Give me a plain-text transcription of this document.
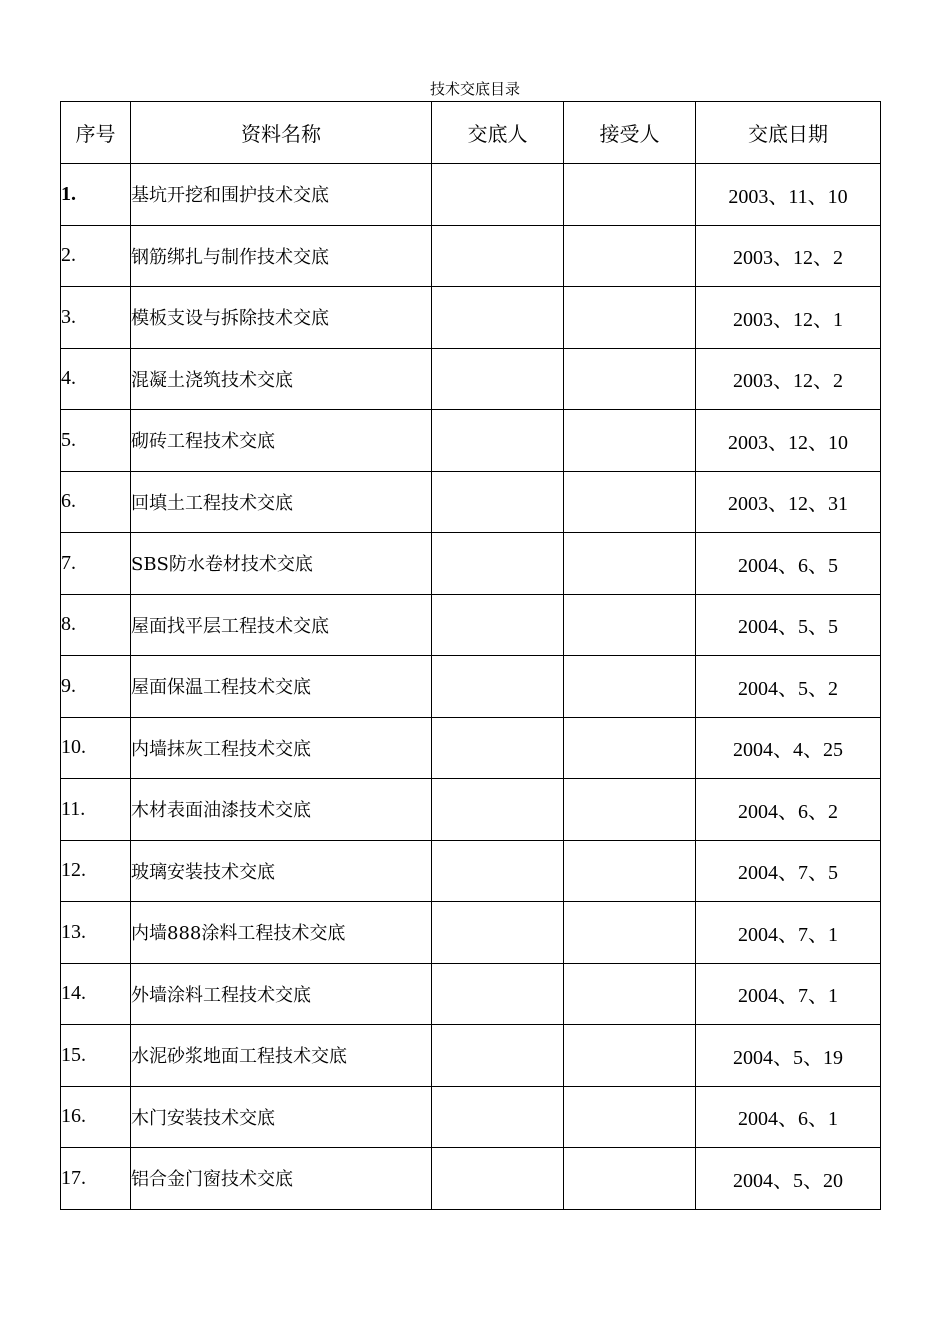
技术交底目录
序号	资料名称	交底人	接受人	交底日期
1.	基坑开挖和围护技术交底			2003、11、10
2.	钢筋绑扎与制作技术交底			2003、12、2
3.	模板支设与拆除技术交底			2003、12、1
4.	混凝土浇筑技术交底			2003、12、2
5.	砌砖工程技术交底			2003、12、10
6.	回填土工程技术交底			2003、12、31
7.	SBS防水卷材技术交底			2004、6、5
8.	屋面找平层工程技术交底			2004、5、5
9.	屋面保温工程技术交底			2004、5、2
10.	内墙抹灰工程技术交底			2004、4、25
11.	木材表面油漆技术交底			2004、6、2
12.	玻璃安装技术交底			2004、7、5
13.	内墙888涂料工程技术交底			2004、7、1
14.	外墙涂料工程技术交底			2004、7、1
15.	水泥砂浆地面工程技术交底			2004、5、19
16.	木门安装技术交底			2004、6、1
17.	铝合金门窗技术交底			2004、5、20
